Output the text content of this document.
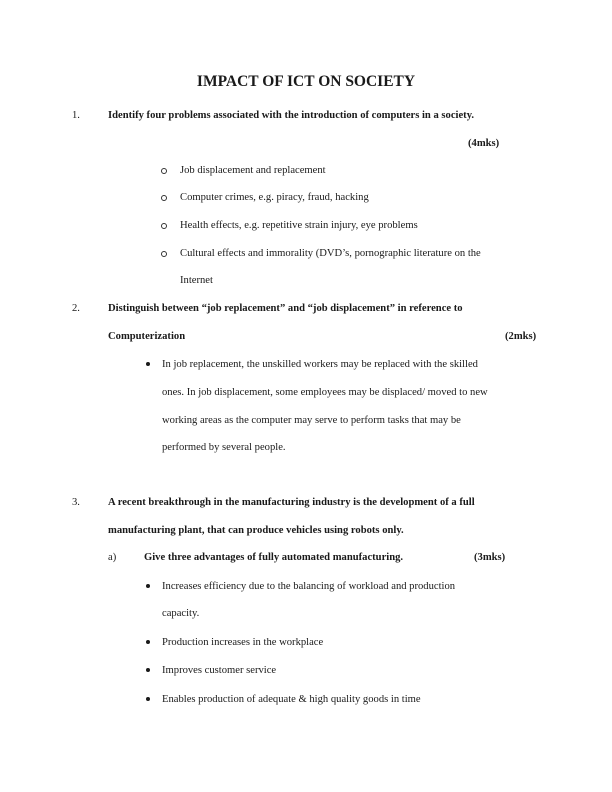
IMPACT OF ICT ON SOCIETY
1.	Identify four problems associated with the introduction of computers in a society.
(4mks)
Job displacement and replacement
Computer crimes, e.g. piracy, fraud, hacking
Health effects, e.g. repetitive strain injury, eye problems
Cultural effects and immorality (DVD’s, pornographic literature on the
Internet
2.	Distinguish between “job replacement” and “job displacement” in reference to
Computerization	(2mks)
In job replacement, the unskilled workers may be replaced with the skilled
ones. In job displacement, some employees may be displaced/ moved to new
working areas as the computer may serve to perform tasks that may be
performed by several people.
3.	A recent breakthrough in the manufacturing industry is the development of a full
manufacturing plant, that can produce vehicles using robots only.
a)	Give three advantages of fully automated manufacturing.	(3mks)
Increases efficiency due to the balancing of workload and production
capacity.
Production increases in the workplace
Improves customer service
Enables production of adequate & high quality goods in time
